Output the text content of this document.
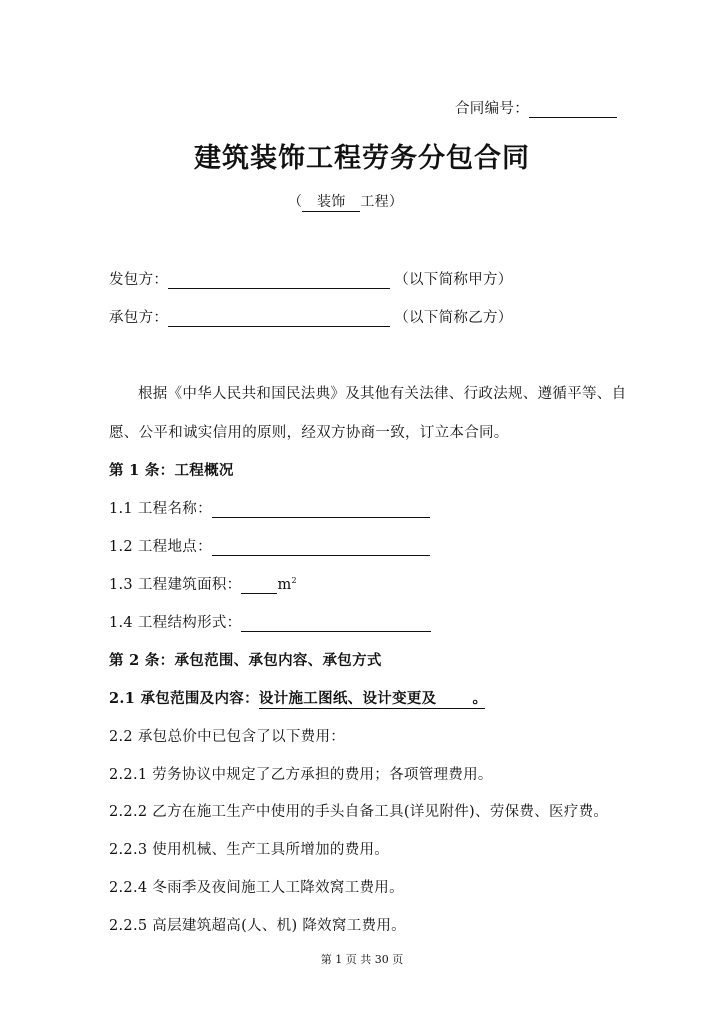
合同编号：
建筑装饰工程劳务分包合同
（ 装饰 工程）
发包方：	（以下简称甲方）
承包方：	（以下简称乙方）
根据《中华人民共和国民法典》及其他有关法律、行政法规、遵循平等、自
愿、公平和诚实信用的原则，经双方协商一致，订立本合同。
第 1 条：工程概况
1.1 工程名称：
1.2 工程地点：
1.3 工程建筑面积： $m^2$
1.4 工程结构形式：
第 2 条：承包范围、承包内容、承包方式
2.1 承包范围及内容：设计施工图纸、设计变更及 。
2.2 承包总价中已包含了以下费用：
2.2.1 劳务协议中规定了乙方承担的费用；各项管理费用。
2.2.2 乙方在施工生产中使用的手头自备工具(详见附件)、劳保费、医疗费。
2.2.3 使用机械、生产工具所增加的费用。
2.2.4 冬雨季及夜间施工人工降效窝工费用。
2.2.5 高层建筑超高(人、机) 降效窝工费用。
第 1 页 共 30 页
